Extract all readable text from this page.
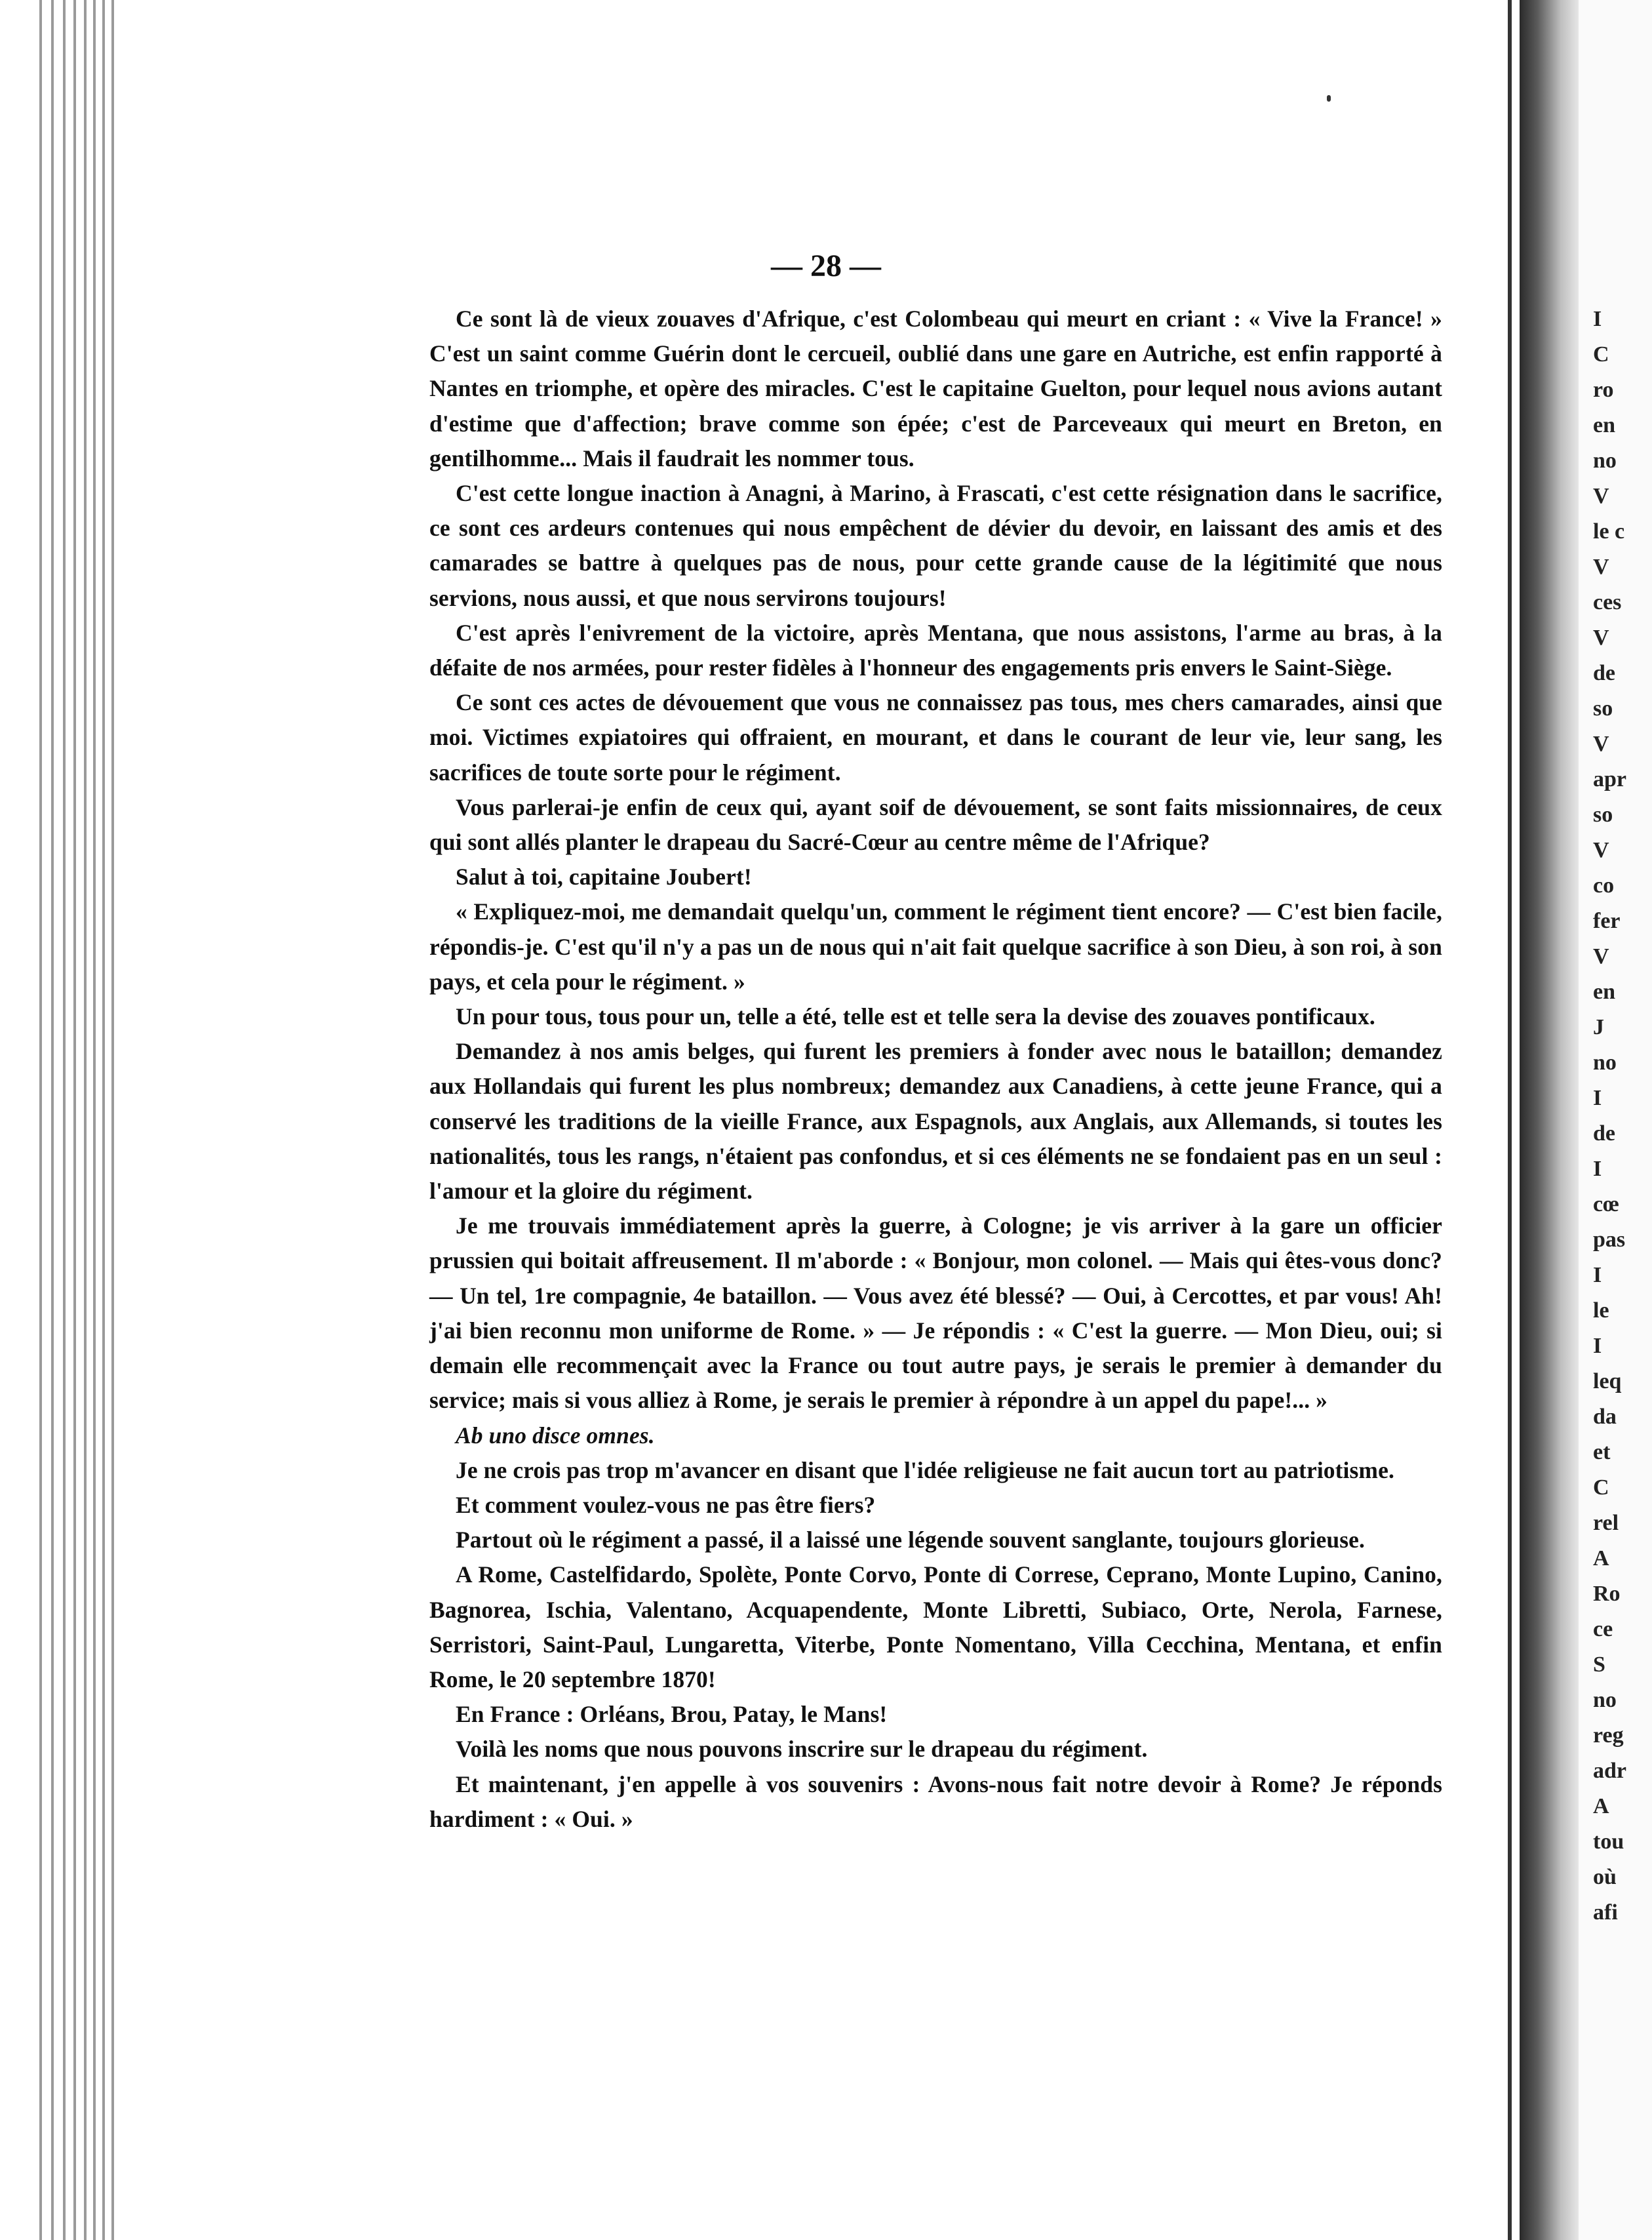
— 28 —

Ce sont là de vieux zouaves d'Afrique, c'est Colombeau qui meurt en criant : « Vive la France! » C'est un saint comme Guérin dont le cercueil, oublié dans une gare en Autriche, est enfin rapporté à Nantes en triomphe, et opère des miracles. C'est le capitaine Guelton, pour lequel nous avions autant d'estime que d'affection; brave comme son épée; c'est de Parceveaux qui meurt en Breton, en gentilhomme... Mais il faudrait les nommer tous.

C'est cette longue inaction à Anagni, à Marino, à Frascati, c'est cette résignation dans le sacrifice, ce sont ces ardeurs contenues qui nous empêchent de dévier du devoir, en laissant des amis et des camarades se battre à quelques pas de nous, pour cette grande cause de la légitimité que nous servions, nous aussi, et que nous servirons toujours!

C'est après l'enivrement de la victoire, après Mentana, que nous assistons, l'arme au bras, à la défaite de nos armées, pour rester fidèles à l'honneur des engagements pris envers le Saint-Siège.

Ce sont ces actes de dévouement que vous ne connaissez pas tous, mes chers camarades, ainsi que moi. Victimes expiatoires qui offraient, en mourant, et dans le courant de leur vie, leur sang, les sacrifices de toute sorte pour le régiment.

Vous parlerai-je enfin de ceux qui, ayant soif de dévouement, se sont faits missionnaires, de ceux qui sont allés planter le drapeau du Sacré-Cœur au centre même de l'Afrique?

Salut à toi, capitaine Joubert!

« Expliquez-moi, me demandait quelqu'un, comment le régiment tient encore? — C'est bien facile, répondis-je. C'est qu'il n'y a pas un de nous qui n'ait fait quelque sacrifice à son Dieu, à son roi, à son pays, et cela pour le régiment. »

Un pour tous, tous pour un, telle a été, telle est et telle sera la devise des zouaves pontificaux.

Demandez à nos amis belges, qui furent les premiers à fonder avec nous le bataillon; demandez aux Hollandais qui furent les plus nombreux; demandez aux Canadiens, à cette jeune France, qui a conservé les traditions de la vieille France, aux Espagnols, aux Anglais, aux Allemands, si toutes les nationalités, tous les rangs, n'étaient pas confondus, et si ces éléments ne se fondaient pas en un seul : l'amour et la gloire du régiment.

Je me trouvais immédiatement après la guerre, à Cologne; je vis arriver à la gare un officier prussien qui boitait affreusement. Il m'aborde : « Bonjour, mon colonel. — Mais qui êtes-vous donc? — Un tel, 1re compagnie, 4e bataillon. — Vous avez été blessé? — Oui, à Cercottes, et par vous! Ah! j'ai bien reconnu mon uniforme de Rome. » — Je répondis : « C'est la guerre. — Mon Dieu, oui; si demain elle recommençait avec la France ou tout autre pays, je serais le premier à demander du service; mais si vous alliez à Rome, je serais le premier à répondre à un appel du pape!... »

Ab uno disce omnes.

Je ne crois pas trop m'avancer en disant que l'idée religieuse ne fait aucun tort au patriotisme.

Et comment voulez-vous ne pas être fiers?

Partout où le régiment a passé, il a laissé une légende souvent sanglante, toujours glorieuse.

A Rome, Castelfidardo, Spolète, Ponte Corvo, Ponte di Correse, Ceprano, Monte Lupino, Canino, Bagnorea, Ischia, Valentano, Acquapendente, Monte Libretti, Subiaco, Orte, Nerola, Farnese, Serristori, Saint-Paul, Lungaretta, Viterbe, Ponte Nomentano, Villa Cecchina, Mentana, et enfin Rome, le 20 septembre 1870!

En France : Orléans, Brou, Patay, le Mans!

Voilà les noms que nous pouvons inscrire sur le drapeau du régiment.

Et maintenant, j'en appelle à vos souvenirs : Avons-nous fait notre devoir à Rome? Je réponds hardiment : « Oui. »

I
C
ro
en
no
V
le c
V
ces
V
de
so
V
apr
so
V
co
fer
V
en
J
no
I
de
I
cœ
pas
I
le
I
leq
da
et
C
rel
A
Ro
ce
S
no
reg
adr
A
tou
où
afi
